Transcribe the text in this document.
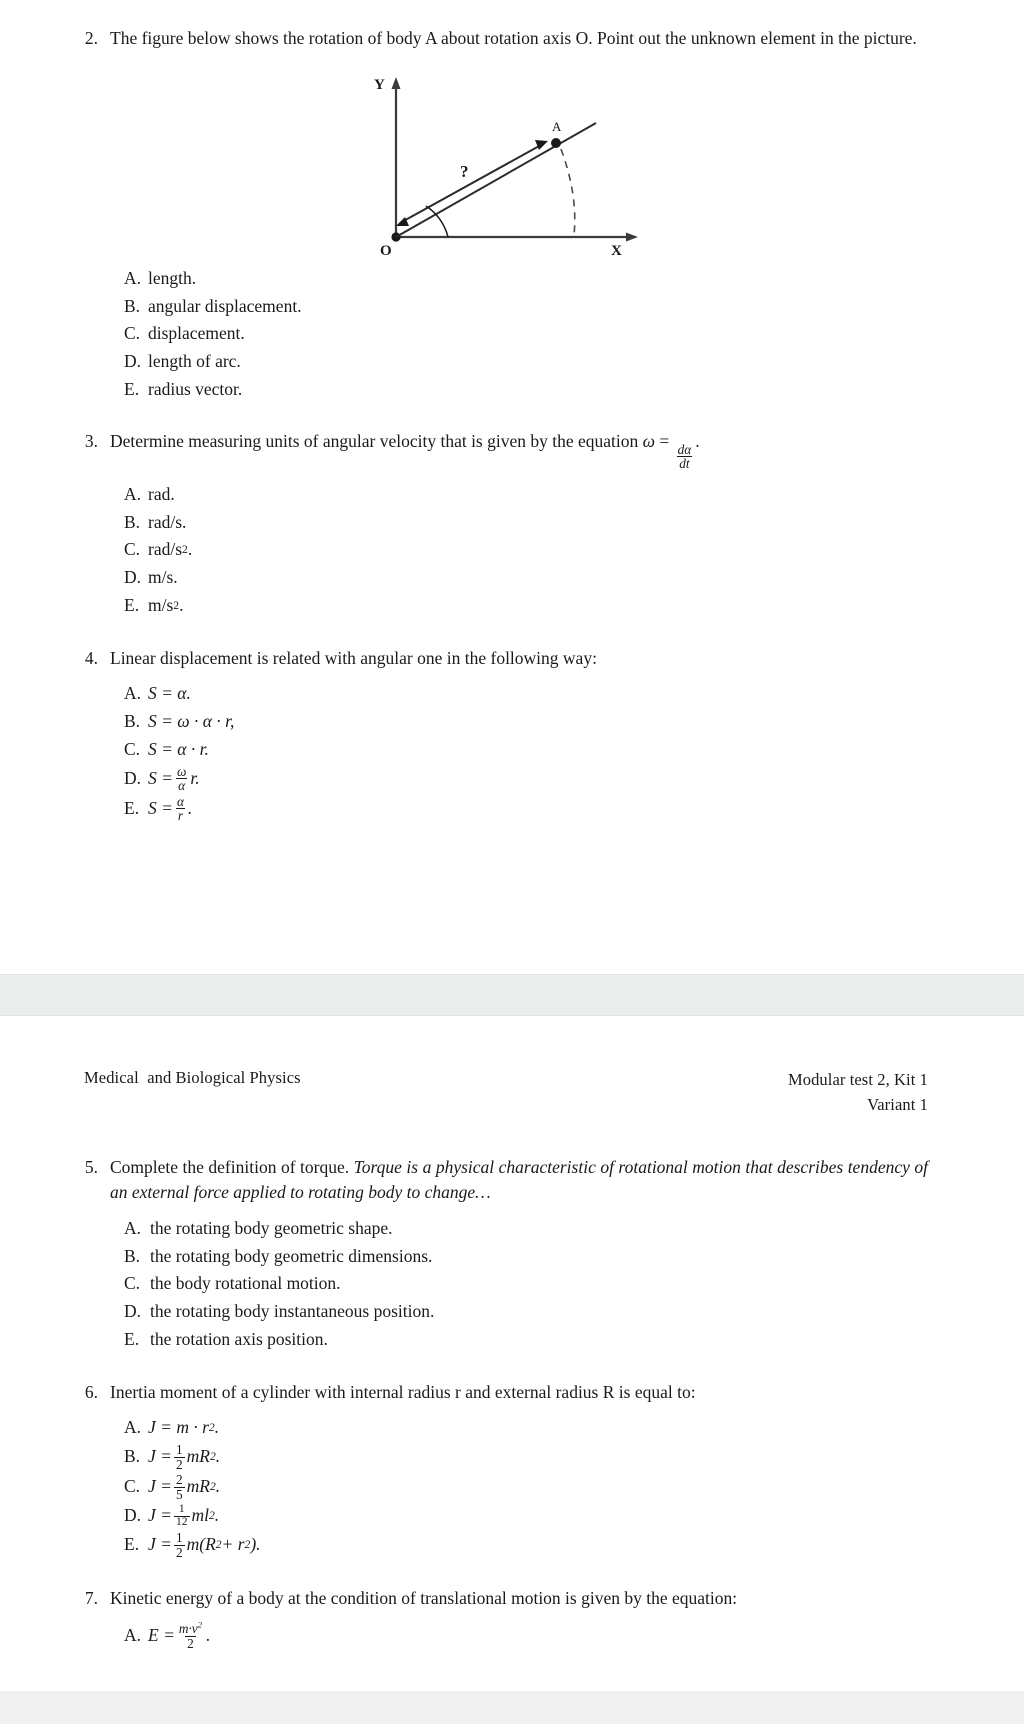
2. The figure below shows the rotation of body A about rotation axis O. Point out the unknown element in the picture.
A
Y
X
O
?
A. length.
B. angular displacement.
C. displacement.
D. length of arc.
E. radius vector.
3. Determine measuring units of angular velocity that is given by the equation ω =
$\frac{d\alpha}{dt}$
.
A. rad.
B. rad/s.
C. rad/s 2 .
D. m/s.
E. m/s 2 .
4. Linear displacement is related with angular one in the following way:
A. S = α.
B. S = ω · α · r,
C. S = α · r.
D. $S = \frac{\omega}{\alpha} r$.
E. $S = \frac{\alpha}{r}$ .
Medical  and Biological Physics	Modular test 2, Kit 1
Variant 1
5. Complete the definition of torque. Torque is a physical characteristic of rotational motion that describes tendency of an external force applied to rotating body to change…
A. the rotating body geometric shape.
B. the rotating body geometric dimensions.
C. the body rotational motion.
D. the rotating body instantaneous position.
E. the rotation axis position.
6. Inertia moment of a cylinder with internal radius r and external radius R is equal to:
A. J = m · r 2 .
B. $J = \frac{1}{2}$ mR 2 .
C. $J = \frac{2}{5}$ mR 2 .
D. $J = \frac{1}{12}$ ml 2 .
E. $J = \frac{1}{2} m(R$ 2 + r 2 ).
7. Kinetic energy of a body at the condition of translational motion is given by the equation:
A. $E = \frac{m\cdot v^2}{2}$ .
